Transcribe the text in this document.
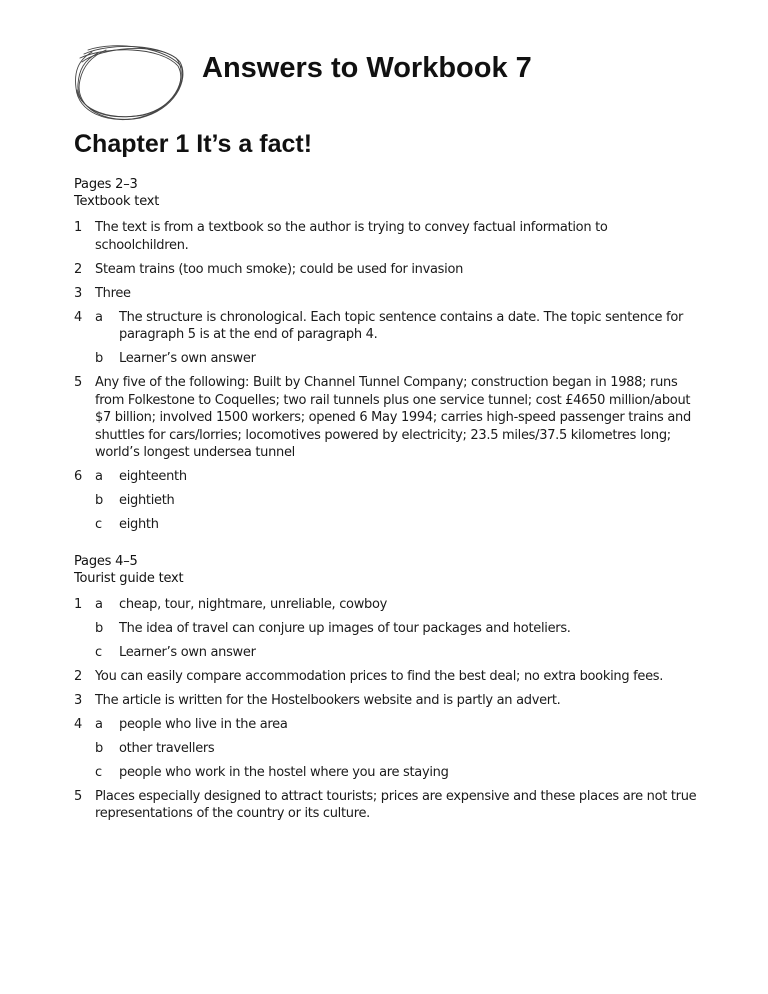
Answers to Workbook 7
Chapter 1 It’s a fact!
Pages 2–3
Textbook text
1 The text is from a textbook so the author is trying to convey factual information to schoolchildren.
2 Steam trains (too much smoke); could be used for invasion
3 Three
4 a The structure is chronological. Each topic sentence contains a date. The topic sentence for paragraph 5 is at the end of paragraph 4.
b Learner’s own answer
5 Any five of the following: Built by Channel Tunnel Company; construction began in 1988; runs from Folkestone to Coquelles; two rail tunnels plus one service tunnel; cost £4650 million/about $7 billion; involved 1500 workers; opened 6 May 1994; carries high-speed passenger trains and shuttles for cars/lorries; locomotives powered by electricity; 23.5 miles/37.5 kilometres long; world’s longest undersea tunnel
6 a eighteenth
b eightieth
c eighth
Pages 4–5
Tourist guide text
1 a cheap, tour, nightmare, unreliable, cowboy
b The idea of travel can conjure up images of tour packages and hoteliers.
c Learner’s own answer
2 You can easily compare accommodation prices to find the best deal; no extra booking fees.
3 The article is written for the Hostelbookers website and is partly an advert.
4 a people who live in the area
b other travellers
c people who work in the hostel where you are staying
5 Places especially designed to attract tourists; prices are expensive and these places are not true representations of the country or its culture.
